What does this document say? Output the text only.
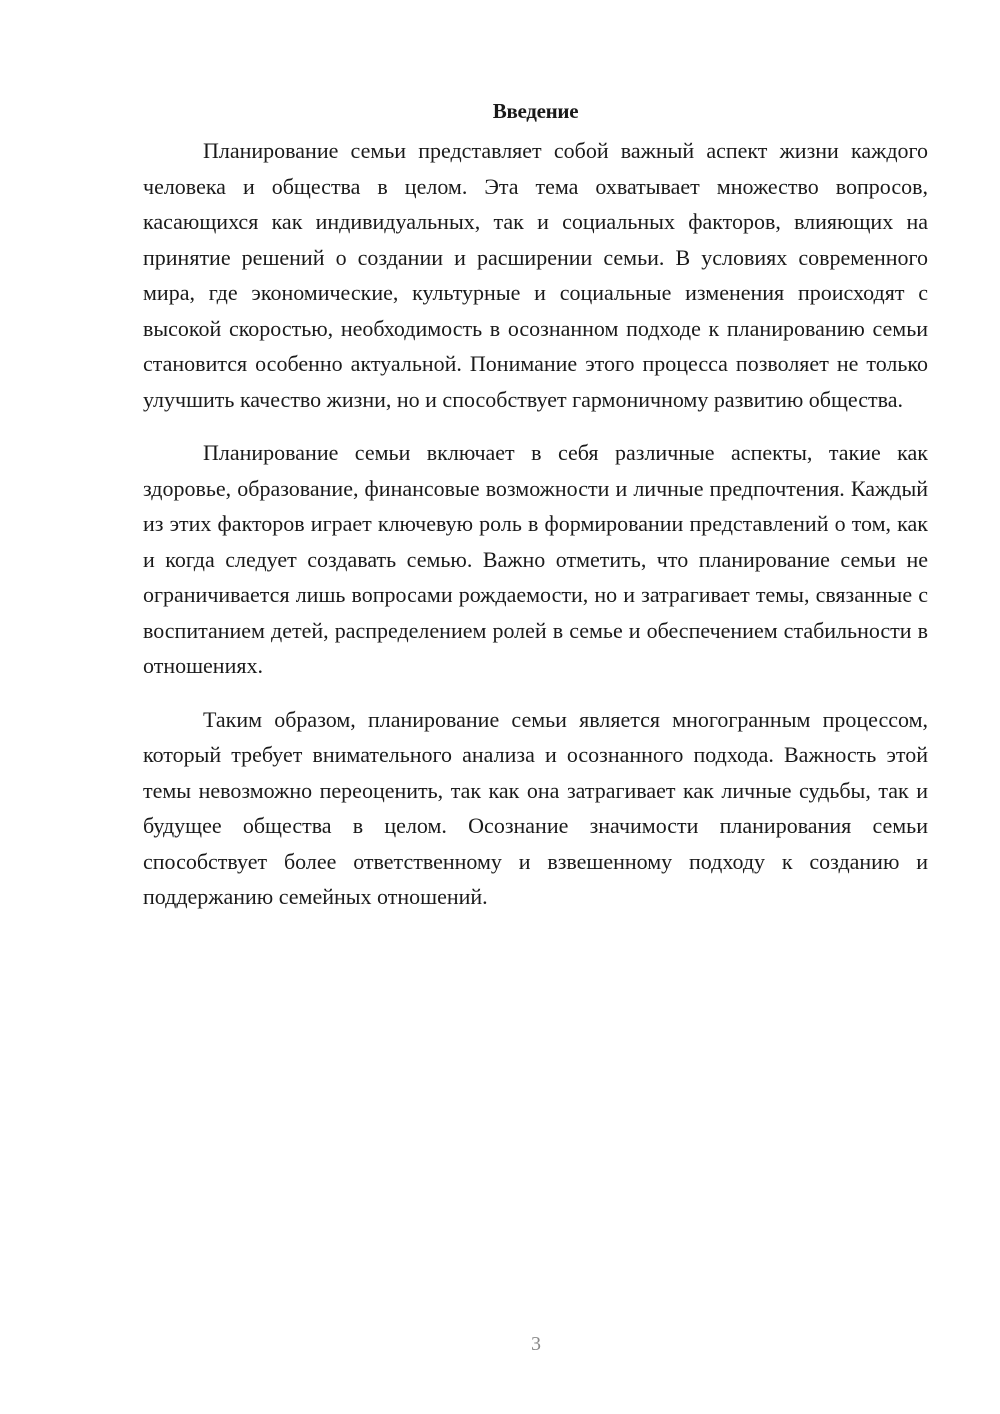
Введение

Планирование семьи представляет собой важный аспект жизни каждого человека и общества в целом. Эта тема охватывает множество вопросов, касающихся как индивидуальных, так и социальных факторов, влияющих на принятие решений о создании и расширении семьи. В условиях современного мира, где экономические, культурные и социальные изменения происходят с высокой скоростью, необходимость в осознанном подходе к планированию семьи становится особенно актуальной. Понимание этого процесса позволяет не только улучшить качество жизни, но и способствует гармоничному развитию общества.

Планирование семьи включает в себя различные аспекты, такие как здоровье, образование, финансовые возможности и личные предпочтения. Каждый из этих факторов играет ключевую роль в формировании представлений о том, как и когда следует создавать семью. Важно отметить, что планирование семьи не ограничивается лишь вопросами рождаемости, но и затрагивает темы, связанные с воспитанием детей, распределением ролей в семье и обеспечением стабильности в отношениях.

Таким образом, планирование семьи является многогранным процессом, который требует внимательного анализа и осознанного подхода. Важность этой темы невозможно переоценить, так как она затрагивает как личные судьбы, так и будущее общества в целом. Осознание значимости планирования семьи способствует более ответственному и взвешенному подходу к созданию и поддержанию семейных отношений.

3
